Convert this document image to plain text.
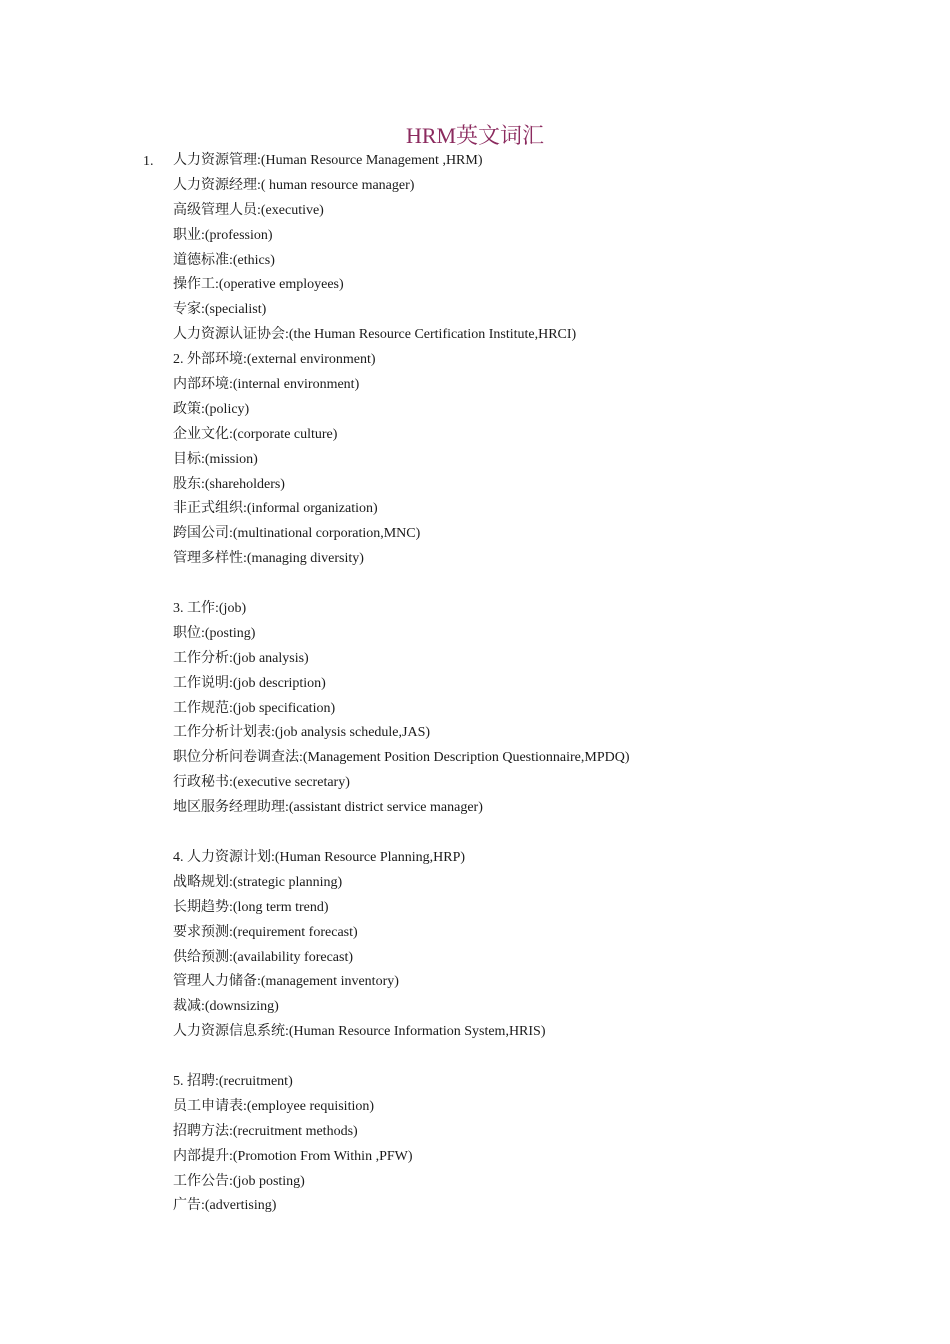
HRM英文词汇
1. 人力资源管理:(Human Resource Management ,HRM)
人力资源经理:( human resource manager)
高级管理人员:(executive)
职业:(profession)
道德标准:(ethics)
操作工:(operative employees)
专家:(specialist)
人力资源认证协会:(the Human Resource Certification Institute,HRCI)
2. 外部环境:(external environment)
内部环境:(internal environment)
政策:(policy)
企业文化:(corporate culture)
目标:(mission)
股东:(shareholders)
非正式组织:(informal organization)
跨国公司:(multinational corporation,MNC)
管理多样性:(managing diversity)
3. 工作:(job)
职位:(posting)
工作分析:(job analysis)
工作说明:(job description)
工作规范:(job specification)
工作分析计划表:(job analysis schedule,JAS)
职位分析问卷调查法:(Management Position Description Questionnaire,MPDQ)
行政秘书:(executive secretary)
地区服务经理助理:(assistant district service manager)
4. 人力资源计划:(Human Resource Planning,HRP)
战略规划:(strategic planning)
长期趋势:(long term trend)
要求预测:(requirement forecast)
供给预测:(availability forecast)
管理人力储备:(management inventory)
裁减:(downsizing)
人力资源信息系统:(Human Resource Information System,HRIS)
5. 招聘:(recruitment)
员工申请表:(employee requisition)
招聘方法:(recruitment methods)
内部提升:(Promotion From Within ,PFW)
工作公告:(job posting)
广告:(advertising)
